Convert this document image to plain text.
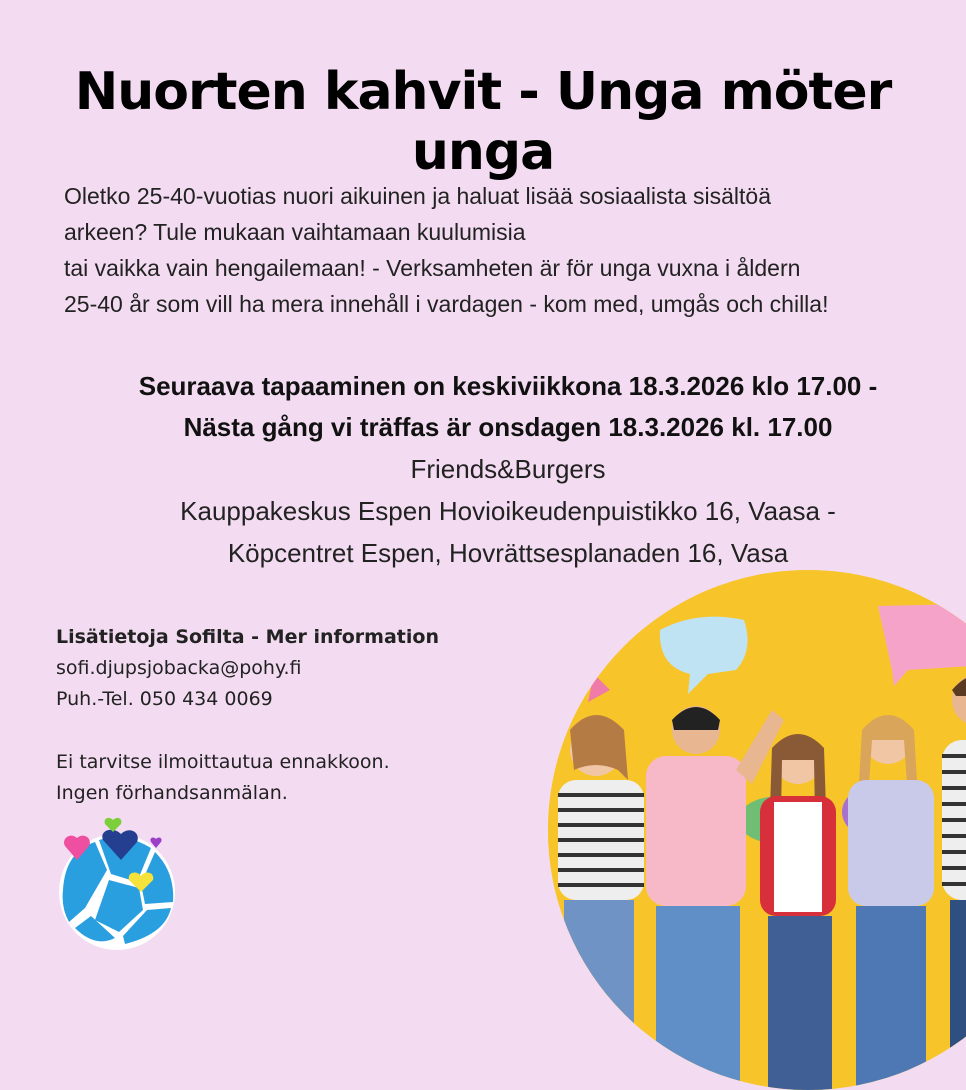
Nuorten kahvit - Unga möter unga
Oletko 25-40-vuotias nuori aikuinen ja haluat lisää sosiaalista sisältöä
arkeen? Tule mukaan vaihtamaan kuulumisia
tai vaikka vain hengailemaan! - Verksamheten är för unga vuxna i åldern
25-40 år som vill ha mera innehåll i vardagen - kom med, umgås och chilla!
Seuraava tapaaminen on keskiviikkona 18.3.2026 klo 17.00 -
Nästa gång vi träffas är onsdagen 18.3.2026 kl. 17.00
Friends&Burgers
Kauppakeskus Espen Hovioikeudenpuistikko 16, Vaasa -
Köpcentret Espen, Hovrättsesplanaden 16, Vasa
Lisätietoja Sofilta - Mer information
sofi.djupsjobacka@pohy.fi
Puh.-Tel. 050 434 0069
Ei tarvitse ilmoittautua ennakkoon.
Ingen förhandsanmälan.
